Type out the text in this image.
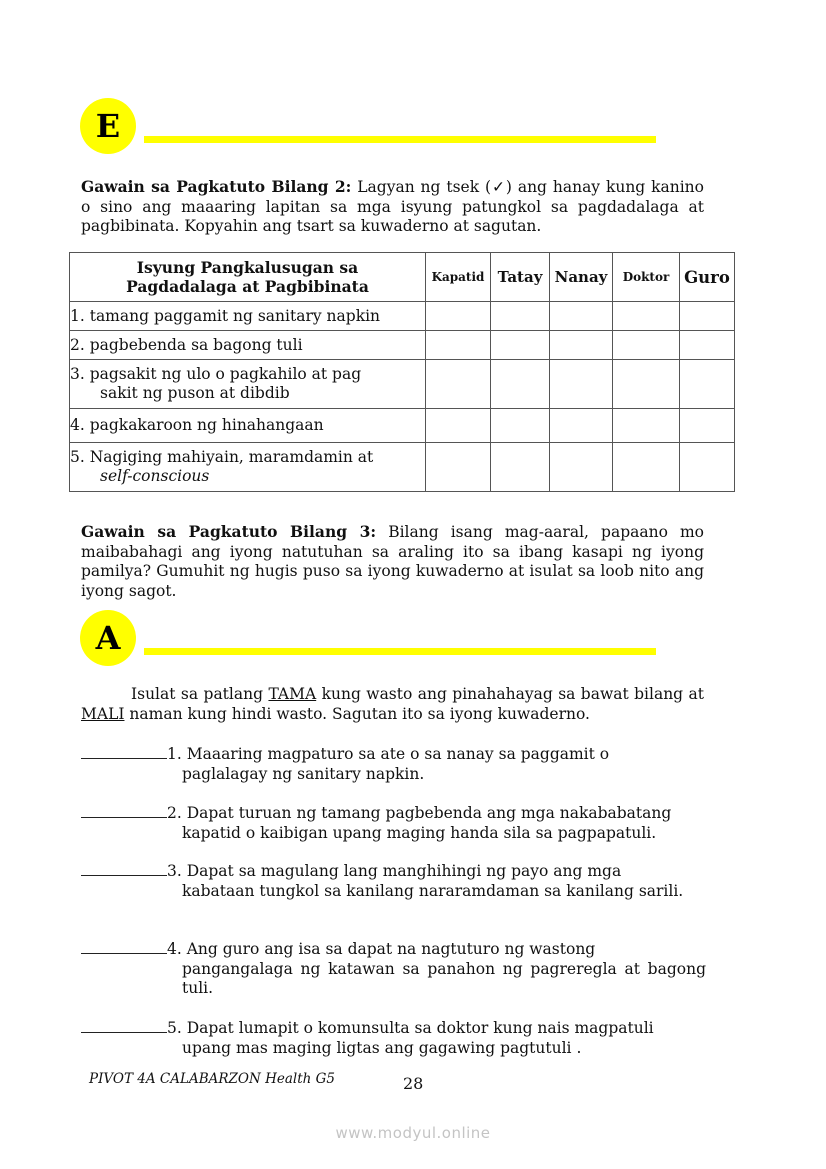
E

Gawain sa Pagkatuto Bilang 2: Lagyan ng tsek (✓) ang hanay kung kanino o sino ang maaaring lapitan sa mga isyung patungkol sa pagdadalaga at pagbibinata. Kopyahin ang tsart sa kuwaderno at sagutan.

Isyung Pangkalusugan sa
Pagdadalaga at Pagbibinata	Kapatid	Tatay	Nanay	Doktor	Guro
1. tamang paggamit ng sanitary napkin					
2. pagbebenda sa bagong tuli					
3. pagsakit ng ulo o pagkahilo at pag
sakit ng puson at dibdib					

4. pagkakaroon ng hinahangaan					
5. Nagiging mahiyain, maramdamin at
self-conscious					

Gawain sa Pagkatuto Bilang 3: Bilang isang mag-aaral, papaano mo maibabahagi ang iyong natutuhan sa araling ito sa ibang kasapi ng iyong pamilya? Gumuhit ng hugis puso sa iyong kuwaderno at isulat sa loob nito ang iyong sagot.

A

Isulat sa patlang TAMA kung wasto ang pinahahayag sa bawat bilang at MALI naman kung hindi wasto. Sagutan ito sa iyong kuwaderno.

1. Maaaring magpaturo sa ate o sa nanay sa paggamit o
paglalagay ng sanitary napkin.
2. Dapat turuan ng tamang pagbebenda ang mga nakababatang
kapatid o kaibigan upang maging handa sila sa pagpapatuli.
3. Dapat sa magulang lang manghihingi ng payo ang mga
kabataan tungkol sa kanilang nararamdaman sa kanilang sarili.
4. Ang guro ang isa sa dapat na nagtuturo ng wastong
pangangalaga ng katawan sa panahon ng pagreregla at bagong tuli.
5. Dapat lumapit o komunsulta sa doktor kung nais magpatuli
upang mas maging ligtas ang gagawing pagtutuli .
PIVOT 4A CALABARZON Health G5	28
www.modyul.online
